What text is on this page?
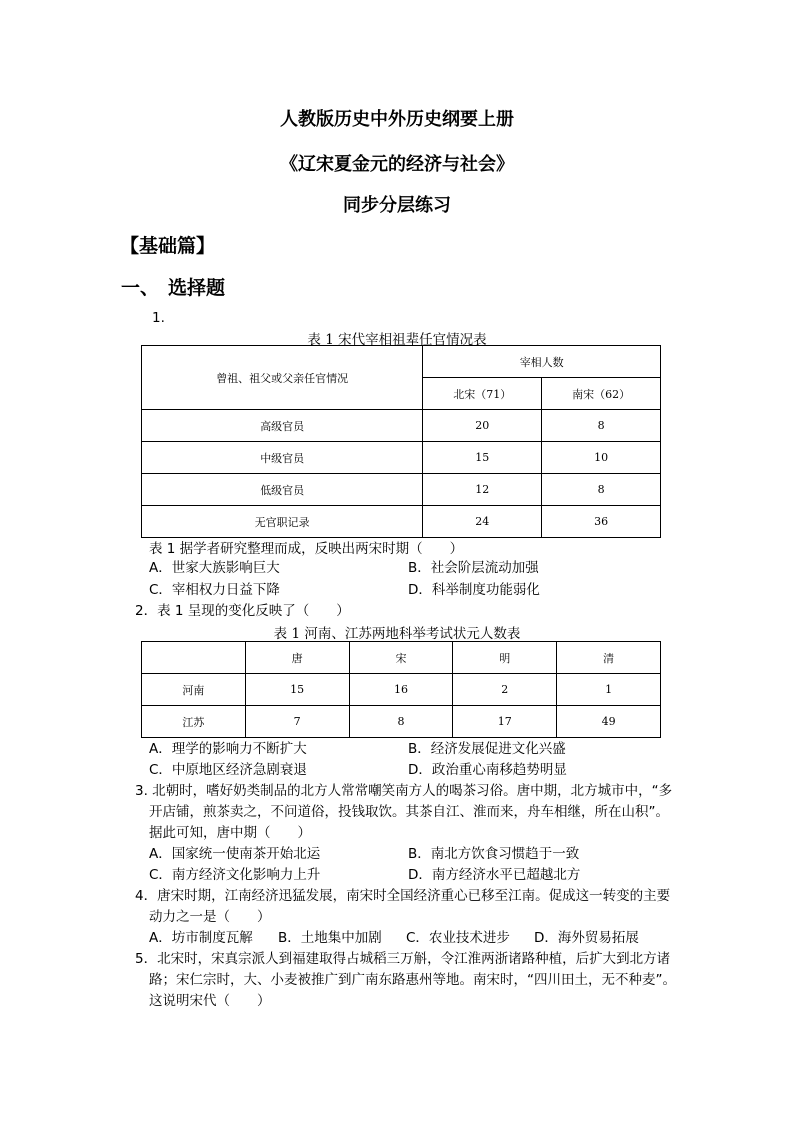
人教版历史中外历史纲要上册
《辽宋夏金元的经济与社会》
同步分层练习
【基础篇】
一、 选择题
1.
表 1 宋代宰相祖辈任官情况表
曾祖、祖父或父亲任官情况	宰相人数	
	北宋（71）	南宋（62）
高级官员	20	8
中级官员	15	10
低级官员	12	8
无官职记录	24	36
表 1 据学者研究整理而成，反映出两宋时期（　　）
A．世家大族影响巨大	B．社会阶层流动加强
C．宰相权力日益下降	D．科举制度功能弱化
2．表 1 呈现的变化反映了（　　）
表 1 河南、江苏两地科举考试状元人数表
	唐	宋	明	清
河南	15	16	2	1
江苏	7	8	17	49
A．理学的影响力不断扩大	B．经济发展促进文化兴盛
C．中原地区经济急剧衰退	D．政治重心南移趋势明显
3. 北朝时，嗜好奶类制品的北方人常常嘲笑南方人的喝茶习俗。唐中期，北方城市中，“多
开店铺，煎茶卖之，不问道俗，投钱取饮。其茶自江、淮而来，舟车相继，所在山积”。
据此可知，唐中期（　　）
A．国家统一使南茶开始北运	B．南北方饮食习惯趋于一致
C．南方经济文化影响力上升	D．南方经济水平已超越北方
4．唐宋时期，江南经济迅猛发展，南宋时全国经济重心已移至江南。促成这一转变的主要
动力之一是（　　）
A．坊市制度瓦解 B．土地集中加剧 C．农业技术进步 D．海外贸易拓展
5．北宋时，宋真宗派人到福建取得占城稻三万斛，令江淮两浙诸路种植，后扩大到北方诸
路；宋仁宗时，大、小麦被推广到广南东路惠州等地。南宋时，“四川田土，无不种麦”。
这说明宋代（　　）
